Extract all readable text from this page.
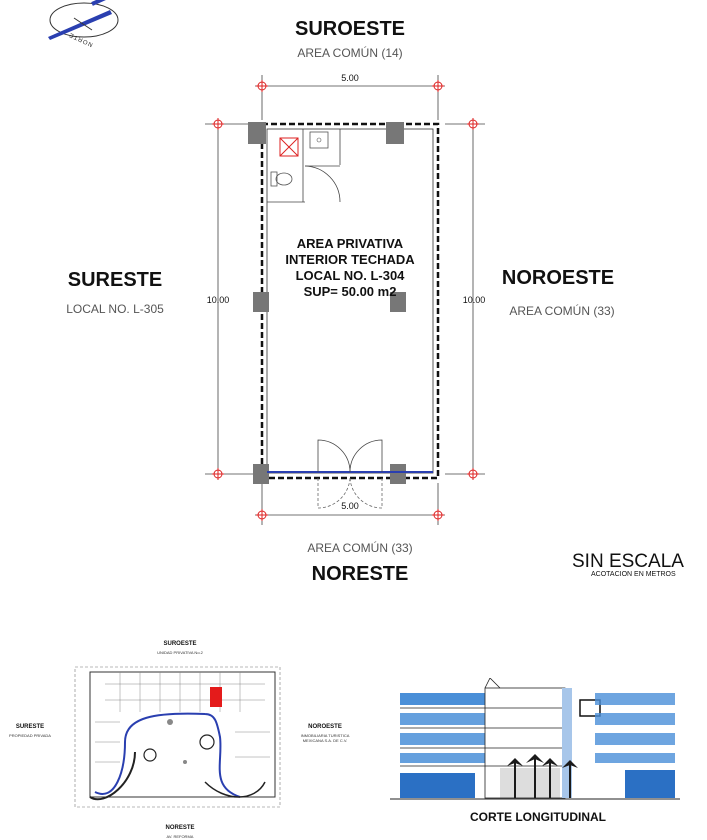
NORTE	SUROESTE
AREA COMÚN (14)
SURESTE
LOCAL NO. L-305
NOROESTE
AREA COMÚN (33)
AREA COMÚN (33)
NORESTE
5.00
5.00
10.00	10.00
AREA PRIVATIVA
INTERIOR TECHADA
LOCAL NO. L-304
SUP= 50.00 m2
SIN ESCALA
ACOTACION EN METROS
SUROESTE
UNIDAD PRIVATIVA No.2
SURESTE
PROPIEDAD PRIVADA
NOROESTE
INMOBILIARIA TURISTICA
MEXICANA S.A. DE C.V.
NORESTE
AV. REFORMA
CORTE LONGITUDINAL
